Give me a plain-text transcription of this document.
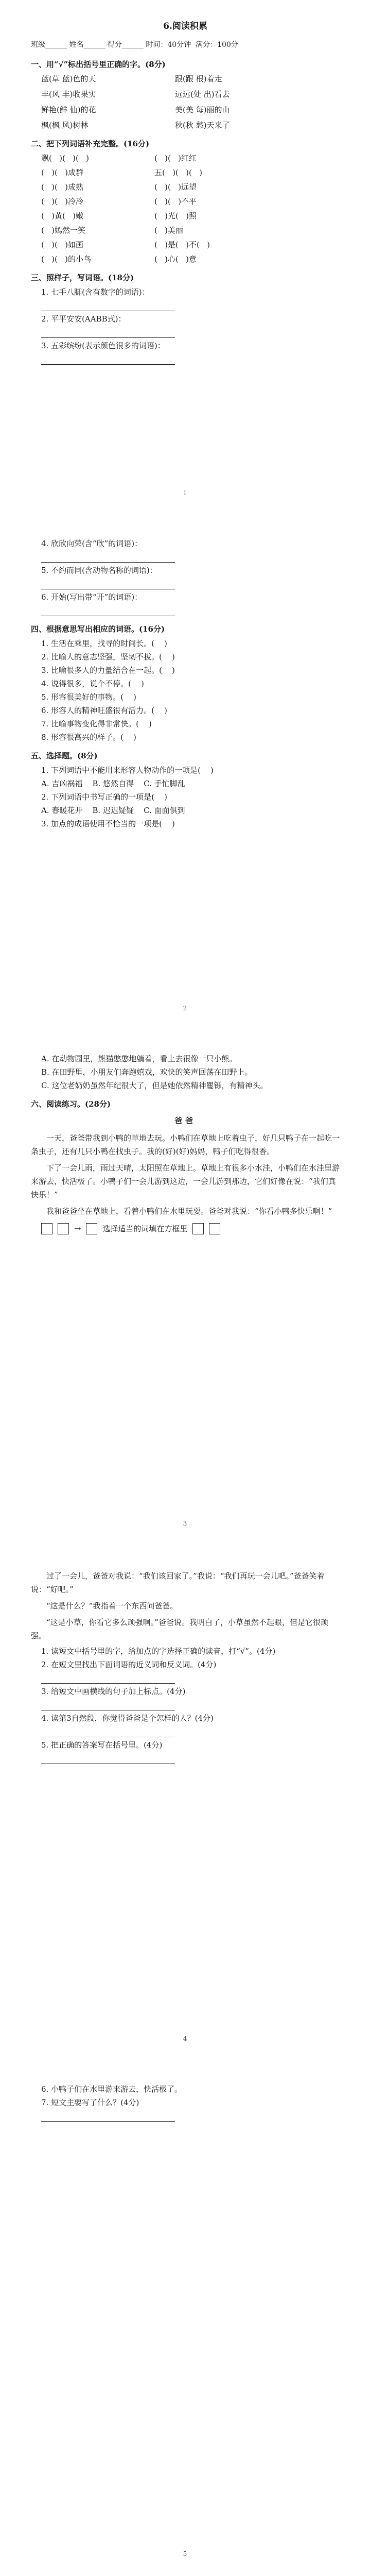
6.阅读积累
班级______ 姓名______ 得分______ 时间：40分钟  满分：100分
一、用“√”标出括号里正确的字。(8分)
蓝(草 蓝)色的天	跟(跟 根)着走
丰(风 丰)收果实	远远(处 出)看去
鲜艳(鲜 仙)的花	美(美 每)丽的山
枫(枫 风)树林	秋(秋 愁)天来了
二、把下列词语补充完整。(16分)
飘(   )(   )(   )	(   )(   )红红
(   )(   )成群	五(   )(   )(   )
(   )(   )成熟	(   )(   )远望
(   )(   )冷冷	(   )(   )不平
(   )黄(   )嫩	(   )光(   )照
(   )嫣然一笑	(   )美丽
(   )(   )如画	(   )是(   )不(   )
(   )(   )的小鸟	(   )心(   )意
三、照样子，写词语。(18分)
1. 七手八脚(含有数字的词语)：
2. 平平安安(AABB式)：
3. 五彩缤纷(表示颜色很多的词语)：
1
4. 欣欣向荣(含“欣”的词语)：
5. 不约而同(含动物名称的词语)：
6. 开始(写出带“开”的词语)：
四、根据意思写出相应的词语。(16分)
1. 生活在乘里，找寻的时间长。(    )
2. 比喻人的意志坚强，坚韧不拔。(    )
3. 比喻很多人的力量结合在一起。(    )
4. 说得很多，说个不停。(    )
5. 形容很美好的事物。(    )
6. 形容人的精神旺盛很有活力。(    )
7. 比喻事物变化得非常快。(    )
8. 形容很高兴的样子。(    )
五、选择题。(8分)
1. 下列词语中不能用来形容人物动作的一项是(    )
A. 吉凶祸福    B. 悠然自得    C. 手忙脚乱
2. 下列词语中书写正确的一项是(    )
A. 春暖花开    B. 迟迟疑疑    C. 面面俱到
3. 加点的成语使用不恰当的一项是(    )
2
A. 在动物园里，熊猫憨憨地躺着，看上去很像一只小熊。
B. 在田野里，小朋友们奔跑嬉戏，欢快的笑声回荡在田野上。
C. 这位老奶奶虽然年纪很大了，但是她依然精神矍铄，有精神头。
六、阅读练习。(28分)
爸爸
一天，爸爸带我到小鸭的草地去玩。小鸭们在草地上吃着虫子，好几只鸭子在一起吃一条虫子，还有几只小鸭在找虫子。我的(好)(好)妈妈，鸭子们吃得很香。
下了一会儿雨，雨过天晴，太阳照在草地上。草地上有很多小水洼，小鸭们在水洼里游来游去，快活极了。小鸭子们一会儿游到这边，一会儿游到那边，它们好像在说：“我们真快乐！”
我和爸爸坐在草地上，看着小鸭们在水里玩耍。爸爸对我说：“你看小鸭多快乐啊！”
→	选择适当的词填在方框里
3
过了一会儿，爸爸对我说：“我们该回家了。”我说：“我们再玩一会儿吧。”爸爸笑着说：“好吧。”
“这是什么？”我指着一个东西问爸爸。
“这是小草，你看它多么顽强啊。”爸爸说。我明白了，小草虽然不起眼，但是它很顽强。
1. 读短文中括号里的字，给加点的字选择正确的读音，打“√”。(4分)
2. 在短文里找出下面词语的近义词和反义词。(4分)
3. 给短文中画横线的句子加上标点。(4分)
4. 读第3自然段，你觉得爸爸是个怎样的人？(4分)
5. 把正确的答案写在括号里。(4分)
4
6. 小鸭子们在水里游来游去，快活极了。
7. 短文主要写了什么？(4分)
5
